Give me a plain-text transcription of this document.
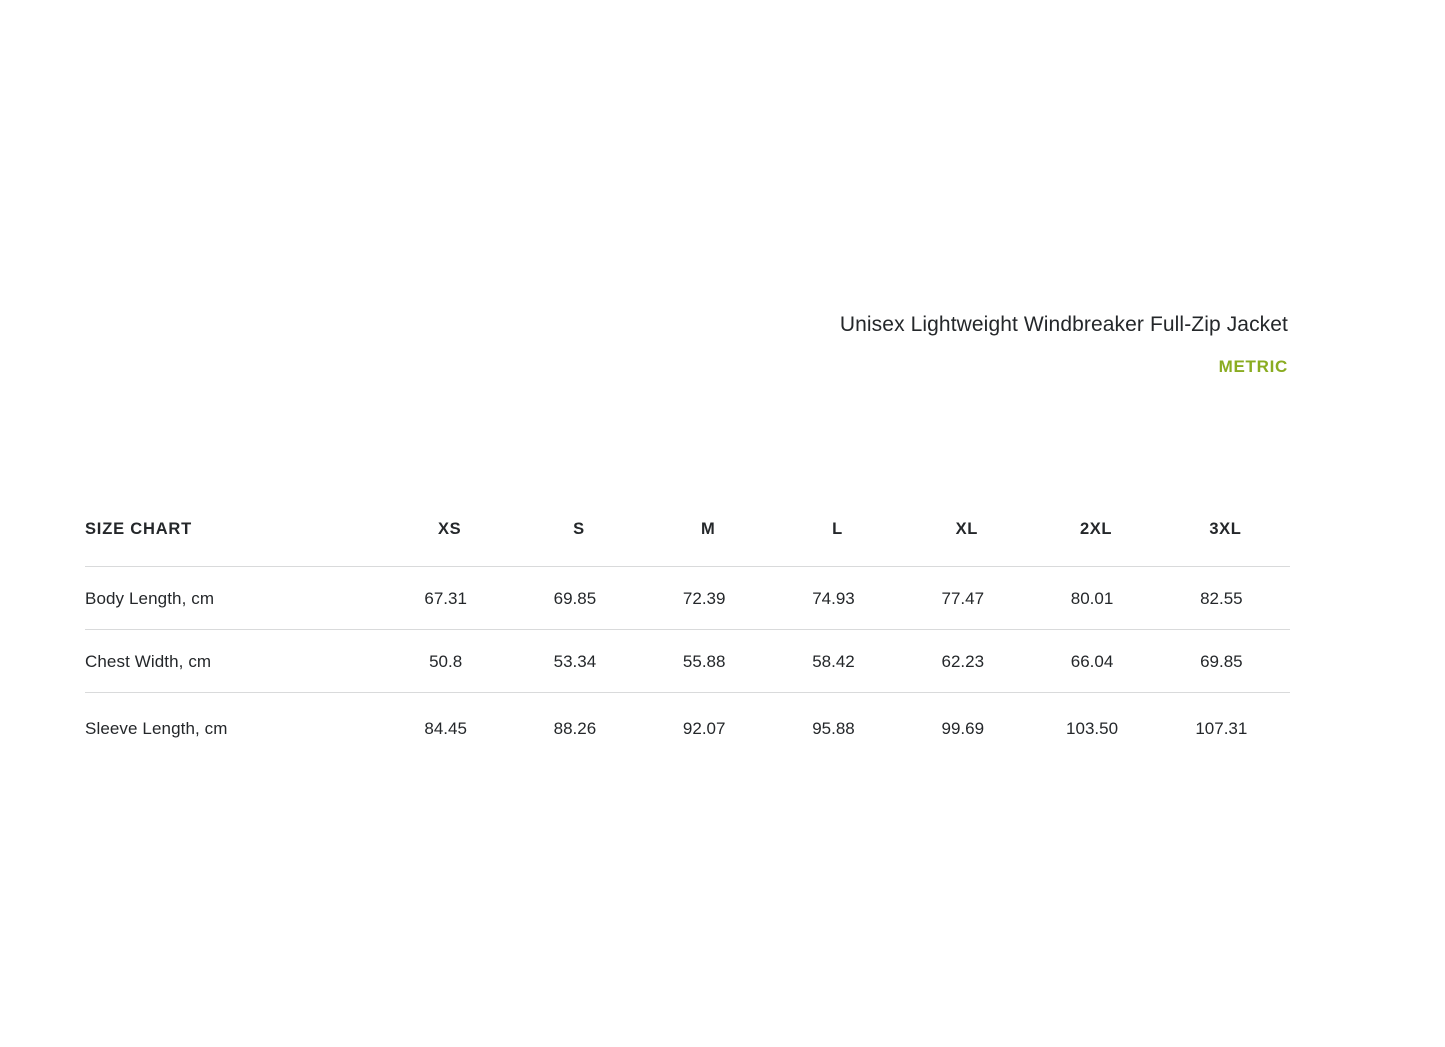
Unisex Lightweight Windbreaker Full-Zip Jacket
METRIC
SIZE CHART	XS	S	M	L	XL	2XL	3XL
Body Length, cm	67.31	69.85	72.39	74.93	77.47	80.01	82.55
Chest Width, cm	50.8	53.34	55.88	58.42	62.23	66.04	69.85
Sleeve Length, cm	84.45	88.26	92.07	95.88	99.69	103.50	107.31
